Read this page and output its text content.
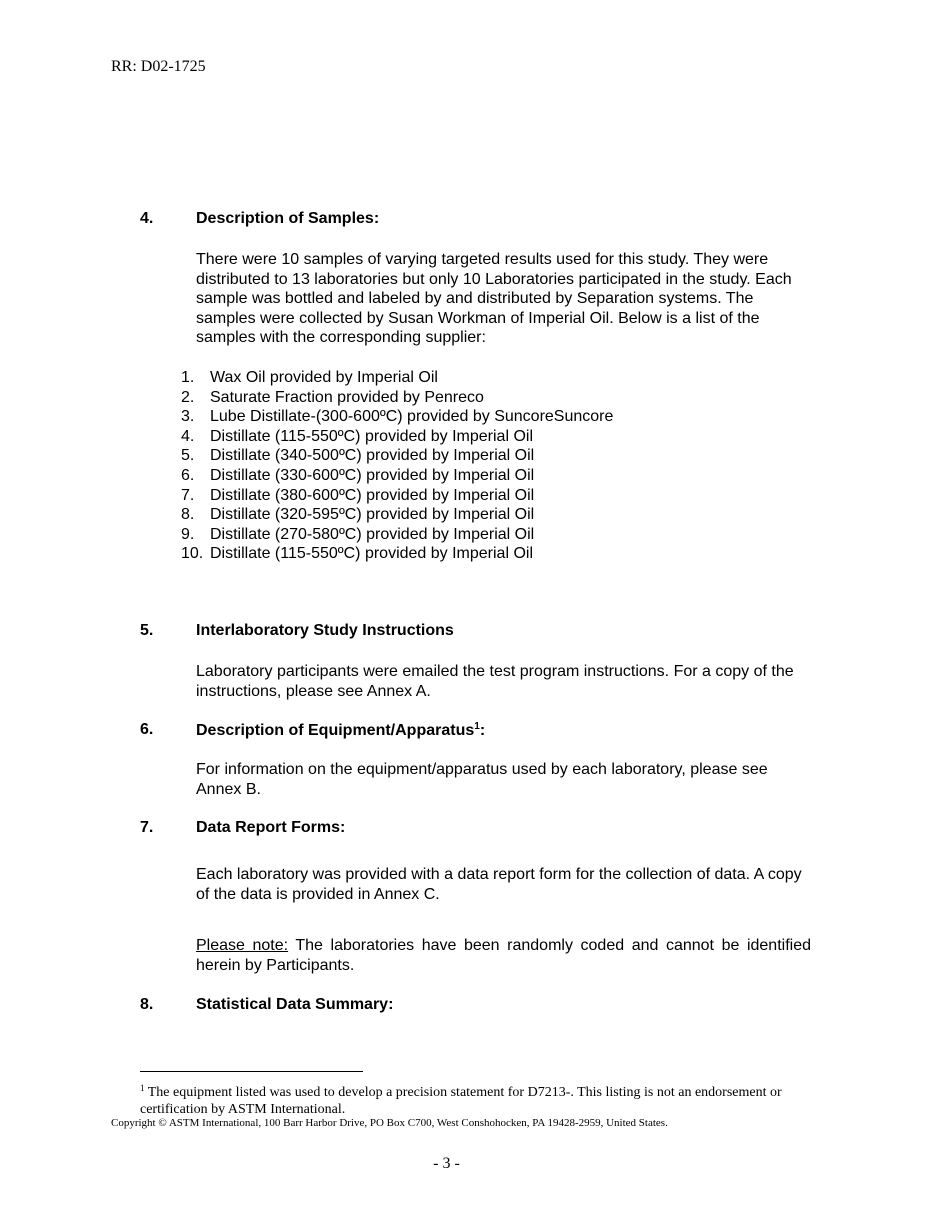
RR: D02-1725
4.	Description of Samples:
There were 10 samples of varying targeted results used for this study. They were distributed to 13 laboratories but only 10 Laboratories participated in the study. Each sample was bottled and labeled by and distributed by Separation systems. The samples were collected by Susan Workman of Imperial Oil. Below is a list of the samples with the corresponding supplier:
1. Wax Oil provided by Imperial Oil
2. Saturate Fraction provided by Penreco
3. Lube Distillate-(300-600ºC) provided by SuncoreSuncore
4. Distillate (115-550ºC) provided by Imperial Oil
5. Distillate (340-500ºC) provided by Imperial Oil
6. Distillate (330-600ºC) provided by Imperial Oil
7. Distillate (380-600ºC) provided by Imperial Oil
8. Distillate (320-595ºC) provided by Imperial Oil
9. Distillate (270-580ºC) provided by Imperial Oil
10. Distillate (115-550ºC) provided by Imperial Oil
5.	Interlaboratory Study Instructions
Laboratory participants were emailed the test program instructions. For a copy of the instructions, please see Annex A.
6.	Description of Equipment/Apparatus$^1$:
For information on the equipment/apparatus used by each laboratory, please see Annex B.
7.	Data Report Forms:
Each laboratory was provided with a data report form for the collection of data. A copy of the data is provided in Annex C.
Please note: The laboratories have been randomly coded and cannot be identified herein by Participants.
8.	Statistical Data Summary:
$^1$ The equipment listed was used to develop a precision statement for D7213-. This listing is not an endorsement or certification by ASTM International.
Copyright © ASTM International, 100 Barr Harbor Drive, PO Box C700, West Conshohocken, PA 19428-2959, United States.
- 3 -
